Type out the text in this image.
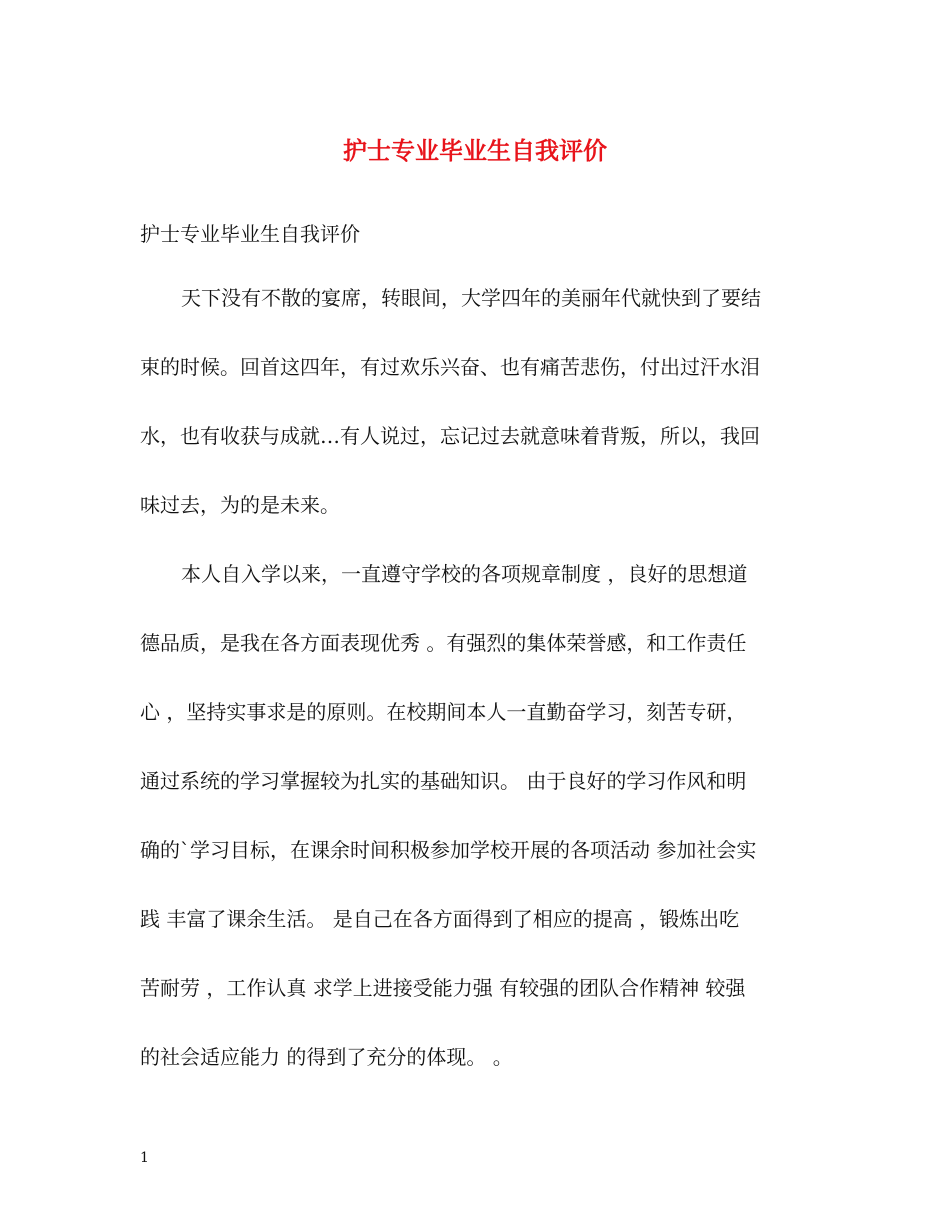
护士专业毕业生自我评价

护士专业毕业生自我评价

天下没有不散的宴席，转眼间，大学四年的美丽年代就快到了要结

束的时候。回首这四年，有过欢乐兴奋、也有痛苦悲伤，付出过汗水泪

水，也有收获与成就…有人说过，忘记过去就意味着背叛，所以，我回

味过去，为的是未来。

本人自入学以来，一直遵守学校的各项规章制度 ，良好的思想道

德品质，是我在各方面表现优秀 。有强烈的集体荣誉感，和工作责任

心 ，坚持实事求是的原则。在校期间本人一直勤奋学习，刻苦专研，

通过系统的学习掌握较为扎实的基础知识。 由于良好的学习作风和明

确的`学习目标，在课余时间积极参加学校开展的各项活动 参加社会实

践 丰富了课余生活。 是自己在各方面得到了相应的提高 ，锻炼出吃

苦耐劳 ，工作认真 求学上进接受能力强 有较强的团队合作精神 较强

的社会适应能力 的得到了充分的体现。 。

1
